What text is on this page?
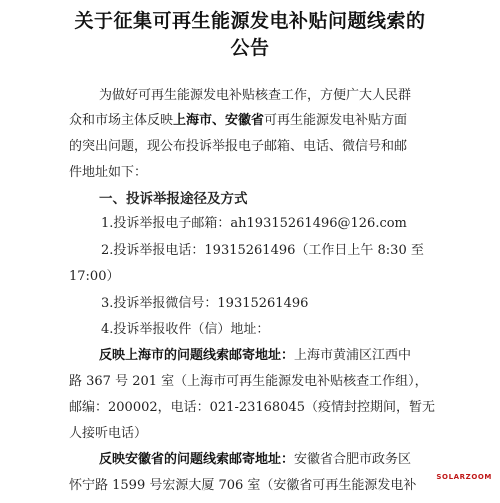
关于征集可再生能源发电补贴问题线索的
公告
为做好可再生能源发电补贴核查工作，方便广大人民群
众和市场主体反映上海市、安徽省可再生能源发电补贴方面
的突出问题，现公布投诉举报电子邮箱、电话、微信号和邮
件地址如下：
一、投诉举报途径及方式
1.投诉举报电子邮箱：ah19315261496@126.com
2.投诉举报电话：19315261496（工作日上午 8:30 至
17:00）
3.投诉举报微信号：19315261496
4.投诉举报收件（信）地址：
反映上海市的问题线索邮寄地址：上海市黄浦区江西中
路 367 号 201 室（上海市可再生能源发电补贴核查工作组），
邮编：200002，电话：021-23168045（疫情封控期间，暂无
人接听电话）
反映安徽省的问题线索邮寄地址：安徽省合肥市政务区
怀宁路 1599 号宏源大厦 706 室（安徽省可再生能源发电补
SOLARZOOM
